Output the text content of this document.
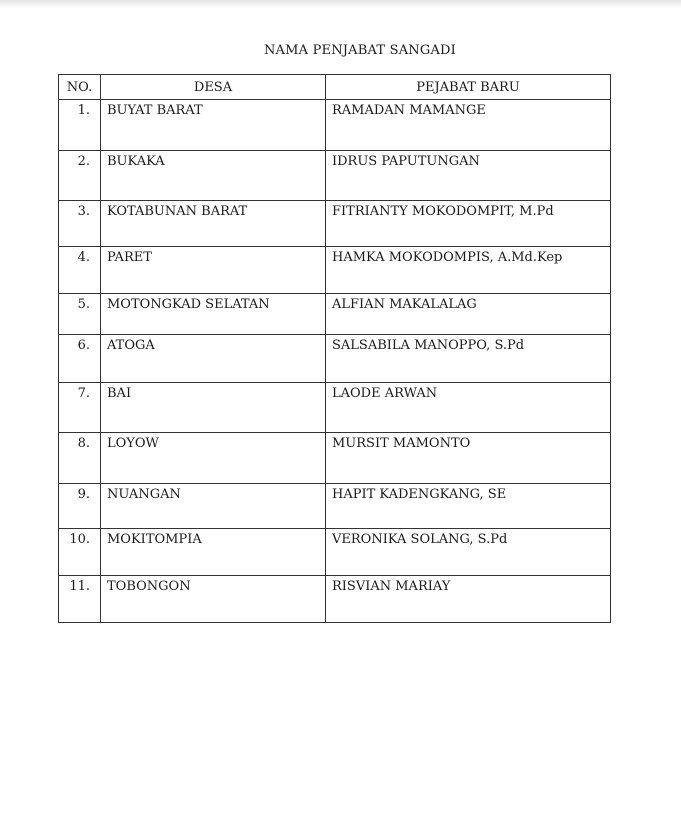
NAMA PENJABAT SANGADI
NO.	DESA	PEJABAT BARU
1.	BUYAT BARAT	RAMADAN MAMANGE
2.	BUKAKA	IDRUS PAPUTUNGAN
3.	KOTABUNAN BARAT	FITRIANTY MOKODOMPIT, M.Pd
4.	PARET	HAMKA MOKODOMPIS, A.Md.Kep
5.	MOTONGKAD SELATAN	ALFIAN MAKALALAG
6.	ATOGA	SALSABILA MANOPPO, S.Pd
7.	BAI	LAODE ARWAN
8.	LOYOW	MURSIT MAMONTO
9.	NUANGAN	HAPIT KADENGKANG, SE
10.	MOKITOMPIA	VERONIKA SOLANG, S.Pd
11.	TOBONGON	RISVIAN MARIAY
